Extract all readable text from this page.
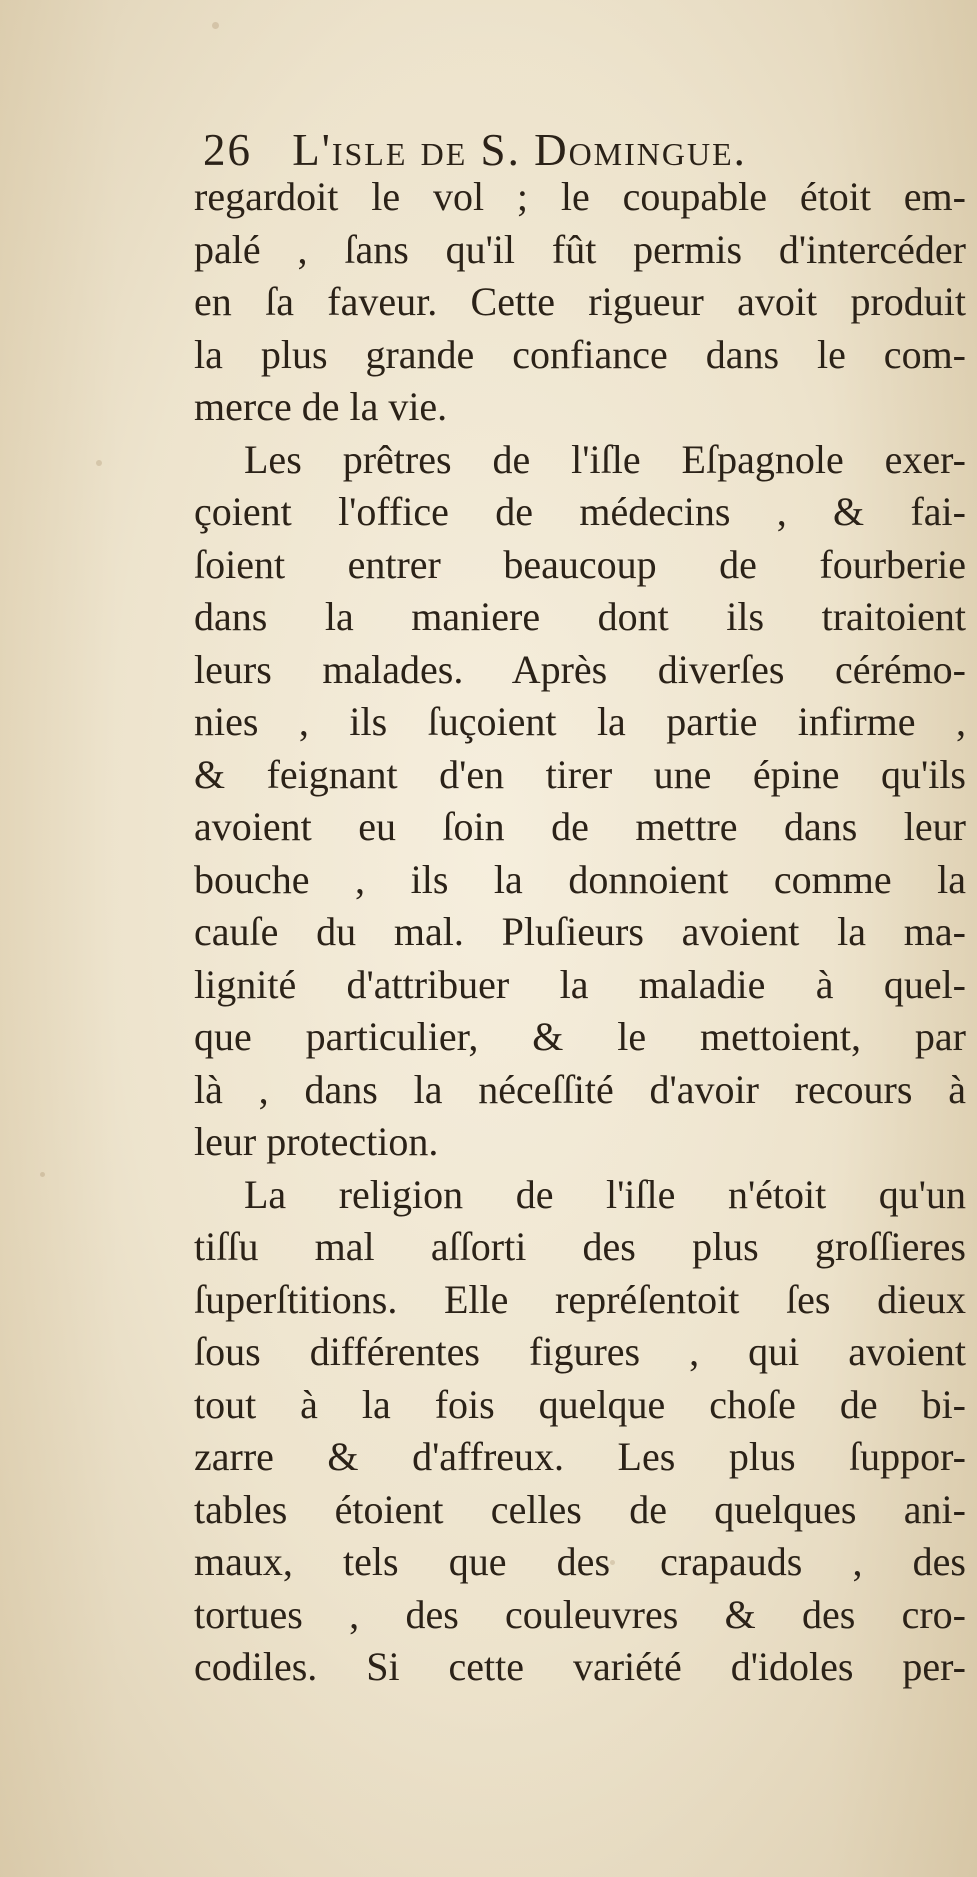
26 L'isle de S. Domingue.
regardoit le vol ; le coupable étoit em-
palé , ſans qu'il fût permis d'intercéder
en ſa faveur. Cette rigueur avoit produit
la plus grande confiance dans le com-
merce de la vie.
Les prêtres de l'iſle Eſpagnole exer-
çoient l'office de médecins , & fai-
ſoient entrer beaucoup de fourberie
dans la maniere dont ils traitoient
leurs malades. Après diverſes cérémo-
nies , ils ſuçoient la partie infirme ,
& feignant d'en tirer une épine qu'ils
avoient eu ſoin de mettre dans leur
bouche , ils la donnoient comme la
cauſe du mal. Pluſieurs avoient la ma-
lignité d'attribuer la maladie à quel-
que particulier, & le mettoient, par
là , dans la néceſſité d'avoir recours à
leur protection.
La religion de l'iſle n'étoit qu'un
tiſſu mal aſſorti des plus groſſieres
ſuperſtitions. Elle repréſentoit ſes dieux
ſous différentes figures , qui avoient
tout à la fois quelque choſe de bi-
zarre & d'affreux. Les plus ſuppor-
tables étoient celles de quelques ani-
maux, tels que des crapauds , des
tortues , des couleuvres & des cro-
codiles. Si cette variété d'idoles per-
